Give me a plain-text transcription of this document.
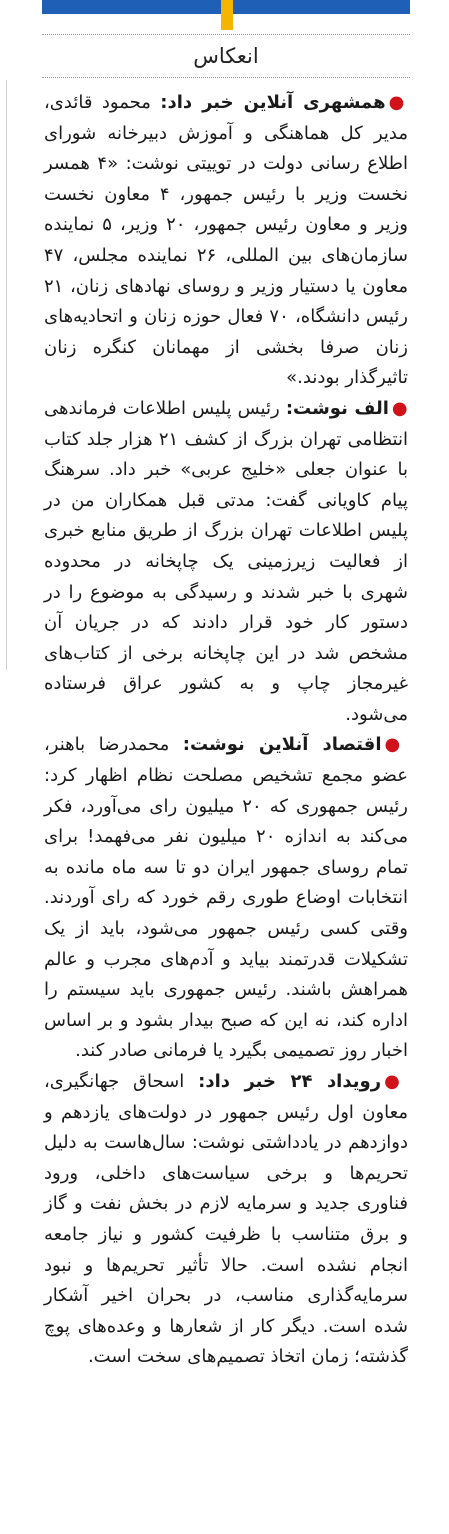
انعکاس

●همشهری آنلاین خبر داد: محمود قائدی، مدیر کل هماهنگی و آموزش دبیرخانه شورای اطلاع رسانی دولت در توییتی نوشت: «۴ همسر نخست وزیر با رئیس جمهور، ۴ معاون نخست وزیر و معاون رئیس جمهور، ۲۰ وزیر، ۵ نماینده سازمان‌های بین المللی، ۲۶ نماینده مجلس، ۴۷ معاون یا دستیار وزیر و روسای نهادهای زنان، ۲۱ رئیس دانشگاه، ۷۰ فعال حوزه زنان و اتحادیه‌های زنان صرفا بخشی از مهمانان کنگره زنان تاثیرگذار بودند.»

●الف نوشت: رئیس پلیس اطلاعات فرماندهی انتظامی تهران بزرگ از کشف ۲۱ هزار جلد کتاب با عنوان جعلی «خلیج عربی» خبر داد. سرهنگ پیام کاویانی گفت: مدتی قبل همکاران من در پلیس اطلاعات تهران بزرگ از طریق منابع خبری از فعالیت زیرزمینی یک چاپخانه در محدوده شهری با خبر شدند و رسیدگی به موضوع را در دستور کار خود قرار دادند که در جریان آن مشخص شد در این چاپخانه برخی از کتاب‌های غیرمجاز چاپ و به کشور عراق فرستاده می‌شود.

●اقتصاد آنلاین نوشت: محمدرضا باهنر، عضو مجمع تشخیص مصلحت نظام اظهار کرد: رئیس جمهوری که ۲۰ میلیون رای می‌آورد، فکر می‌کند به اندازه ۲۰ میلیون نفر می‌فهمد! برای تمام روسای جمهور ایران دو تا سه ماه مانده به انتخابات اوضاع طوری رقم خورد که رای آوردند. وقتی کسی رئیس جمهور می‌شود، باید از یک تشکیلات قدرتمند بیاید و آدم‌های مجرب و عالم همراهش باشند. رئیس جمهوری باید سیستم را اداره کند، نه این که صبح بیدار بشود و بر اساس اخبار روز تصمیمی بگیرد یا فرمانی صادر کند.

●رویداد ۲۴ خبر داد: اسحاق جهانگیری، معاون اول رئیس جمهور در دولت‌های یازدهم و دوازدهم در یادداشتی نوشت: سال‌هاست به دلیل تحریم‌ها و برخی سیاست‌های داخلی، ورود فناوری جدید و سرمایه لازم در بخش نفت و گاز و برق متناسب با ظرفیت کشور و نیاز جامعه انجام نشده است. حالا تأثیر تحریم‌ها و نبود سرمایه‌گذاری مناسب، در بحران اخیر آشکار شده است. دیگر کار از شعارها و وعده‌های پوچ گذشته؛ زمان اتخاذ تصمیم‌های سخت است.
